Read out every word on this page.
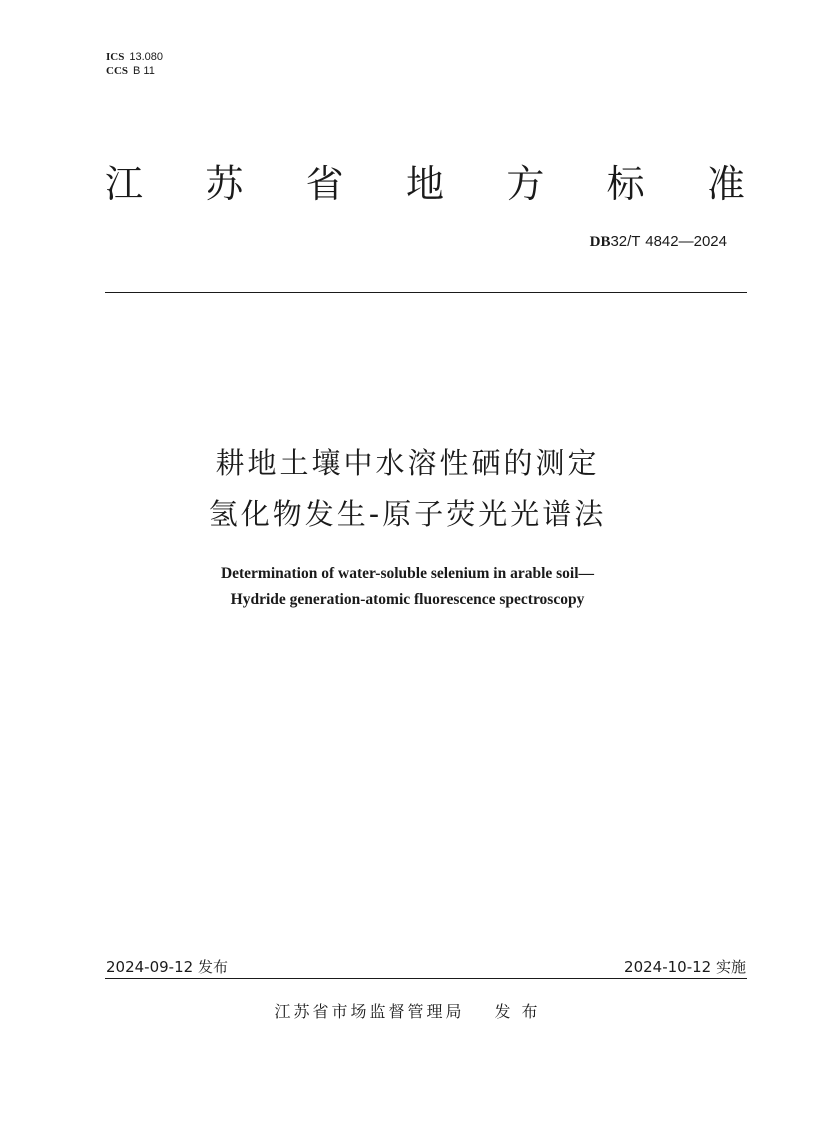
ICS 13.080
CCS B 11
江 苏 省 地 方 标 准
DB32/T 4842—2024
耕地土壤中水溶性硒的测定
氢化物发生-原子荧光光谱法
Determination of water-soluble selenium in arable soil—
Hydride generation-atomic fluorescence spectroscopy
2024-09-12 发布	2024-10-12 实施
江苏省市场监督管理局 发 布
